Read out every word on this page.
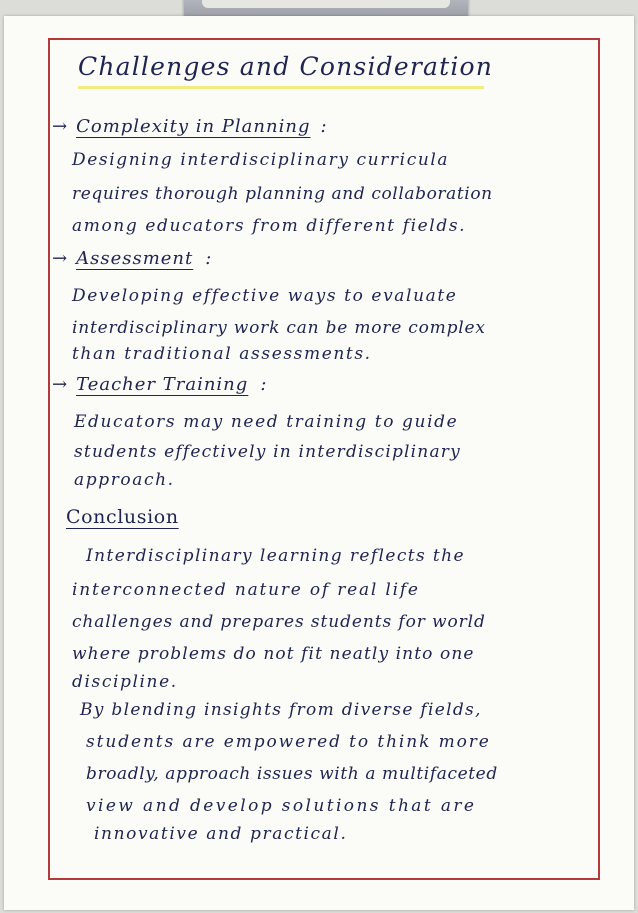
Challenges and Consideration
→ Complexity in Planning :
Designing interdisciplinary curricula
requires thorough planning and collaboration
among educators from different fields.
→ Assessment :
Developing effective ways to evaluate
interdisciplinary work can be more complex
than traditional assessments.
→ Teacher Training :
Educators may need training to guide
students effectively in interdisciplinary
approach.
Conclusion
Interdisciplinary learning reflects the
interconnected nature of real life
challenges and prepares students for world
where problems do not fit neatly into one
discipline.
By blending insights from diverse fields,
students are empowered to think more
broadly, approach issues with a multifaceted
view and develop solutions that are
innovative and practical.
